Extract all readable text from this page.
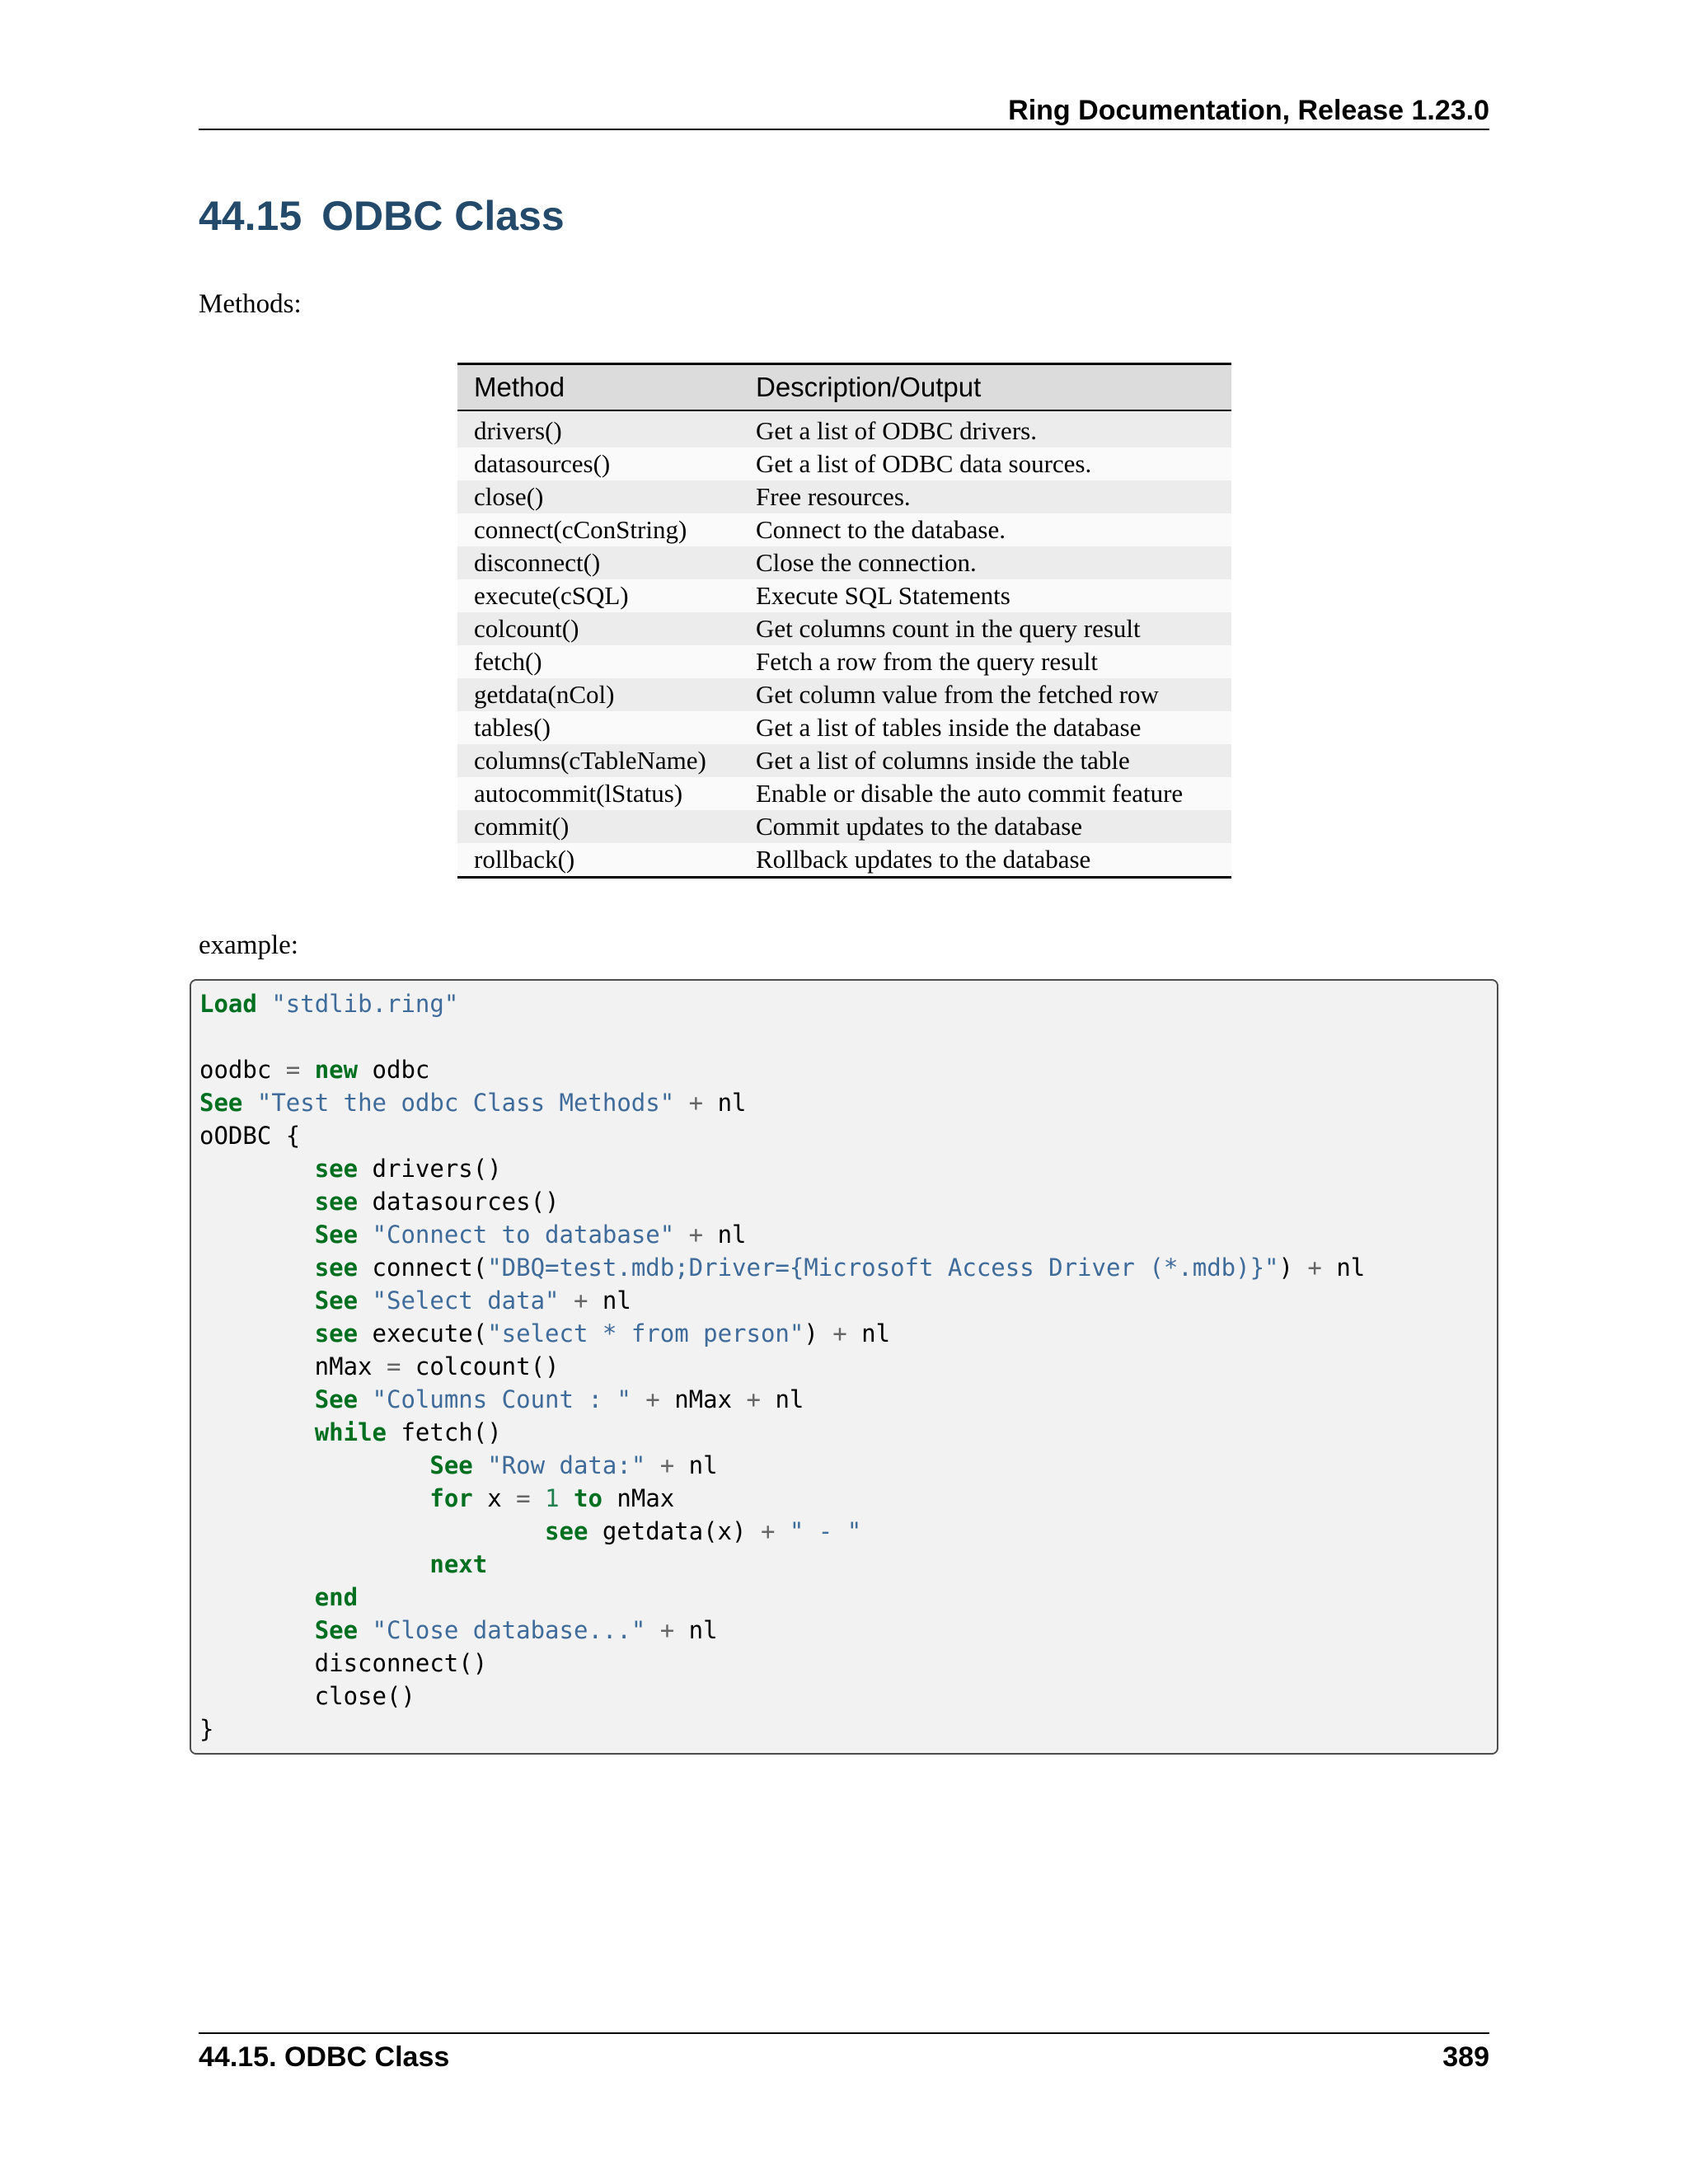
Ring Documentation, Release 1.23.0
44.15 ODBC Class
Methods:
Method	Description/Output
drivers()	Get a list of ODBC drivers.
datasources()	Get a list of ODBC data sources.
close()	Free resources.
connect(cConString)	Connect to the database.
disconnect()	Close the connection.
execute(cSQL)	Execute SQL Statements
colcount()	Get columns count in the query result
fetch()	Fetch a row from the query result
getdata(nCol)	Get column value from the fetched row
tables()	Get a list of tables inside the database
columns(cTableName)	Get a list of columns inside the table
autocommit(lStatus)	Enable or disable the auto commit feature
commit()	Commit updates to the database
rollback()	Rollback updates to the database
example:
Load "stdlib.ring"

oodbc = new odbc
See "Test the odbc Class Methods" + nl
oODBC {
see drivers()
see datasources()
See "Connect to database" + nl
see connect("DBQ=test.mdb;Driver={Microsoft Access Driver (*.mdb)}") + nl
See "Select data" + nl
see execute("select * from person") + nl
nMax = colcount()
See "Columns Count : " + nMax + nl
while fetch()
See "Row data:" + nl
for x = 1 to nMax
see getdata(x) + " - "
next
end
See "Close database..." + nl
disconnect()
close()
}
44.15. ODBC Class	389
